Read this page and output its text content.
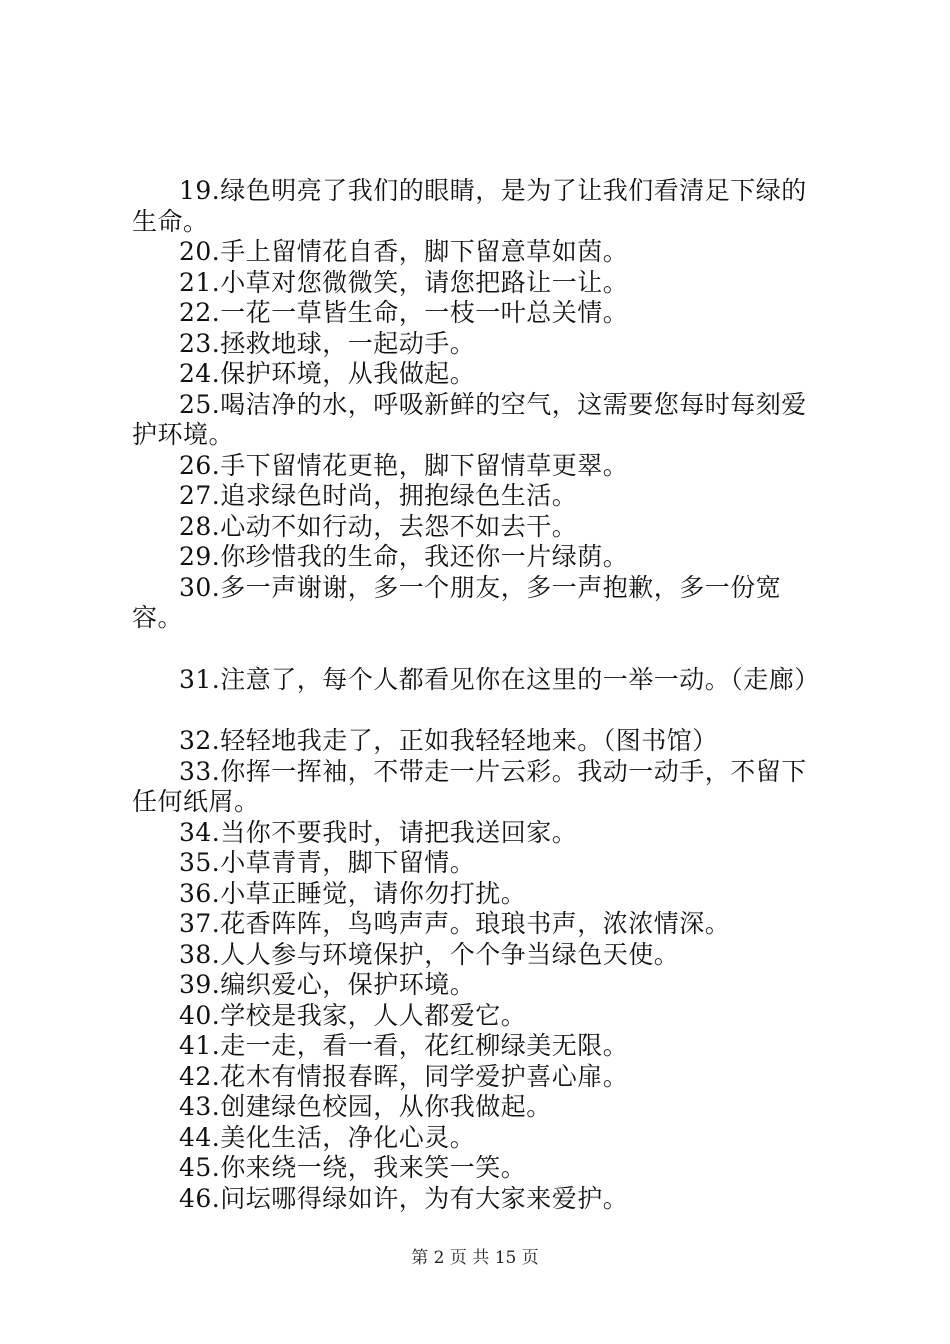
19.绿色明亮了我们的眼睛，是为了让我们看清足下绿的生命。

20.手上留情花自香，脚下留意草如茵。

21.小草对您微微笑，请您把路让一让。

22.一花一草皆生命，一枝一叶总关情。

23.拯救地球，一起动手。

24.保护环境，从我做起。

25.喝洁净的水，呼吸新鲜的空气，这需要您每时每刻爱护环境。

26.手下留情花更艳，脚下留情草更翠。

27.追求绿色时尚，拥抱绿色生活。

28.心动不如行动，去怨不如去干。

29.你珍惜我的生命，我还你一片绿荫。

30.多一声谢谢，多一个朋友，多一声抱歉，多一份宽容。

31.注意了，每个人都看见你在这里的一举一动。（走廊）

32.轻轻地我走了，正如我轻轻地来。（图书馆）

33.你挥一挥袖，不带走一片云彩。我动一动手，不留下任何纸屑。

34.当你不要我时，请把我送回家。

35.小草青青，脚下留情。

36.小草正睡觉，请你勿打扰。

37.花香阵阵，鸟鸣声声。琅琅书声，浓浓情深。

38.人人参与环境保护，个个争当绿色天使。

39.编织爱心，保护环境。

40.学校是我家，人人都爱它。

41.走一走，看一看，花红柳绿美无限。

42.花木有情报春晖，同学爱护喜心扉。

43.创建绿色校园，从你我做起。

44.美化生活，净化心灵。

45.你来绕一绕，我来笑一笑。

46.问坛哪得绿如许，为有大家来爱护。

第 2 页 共 15 页
